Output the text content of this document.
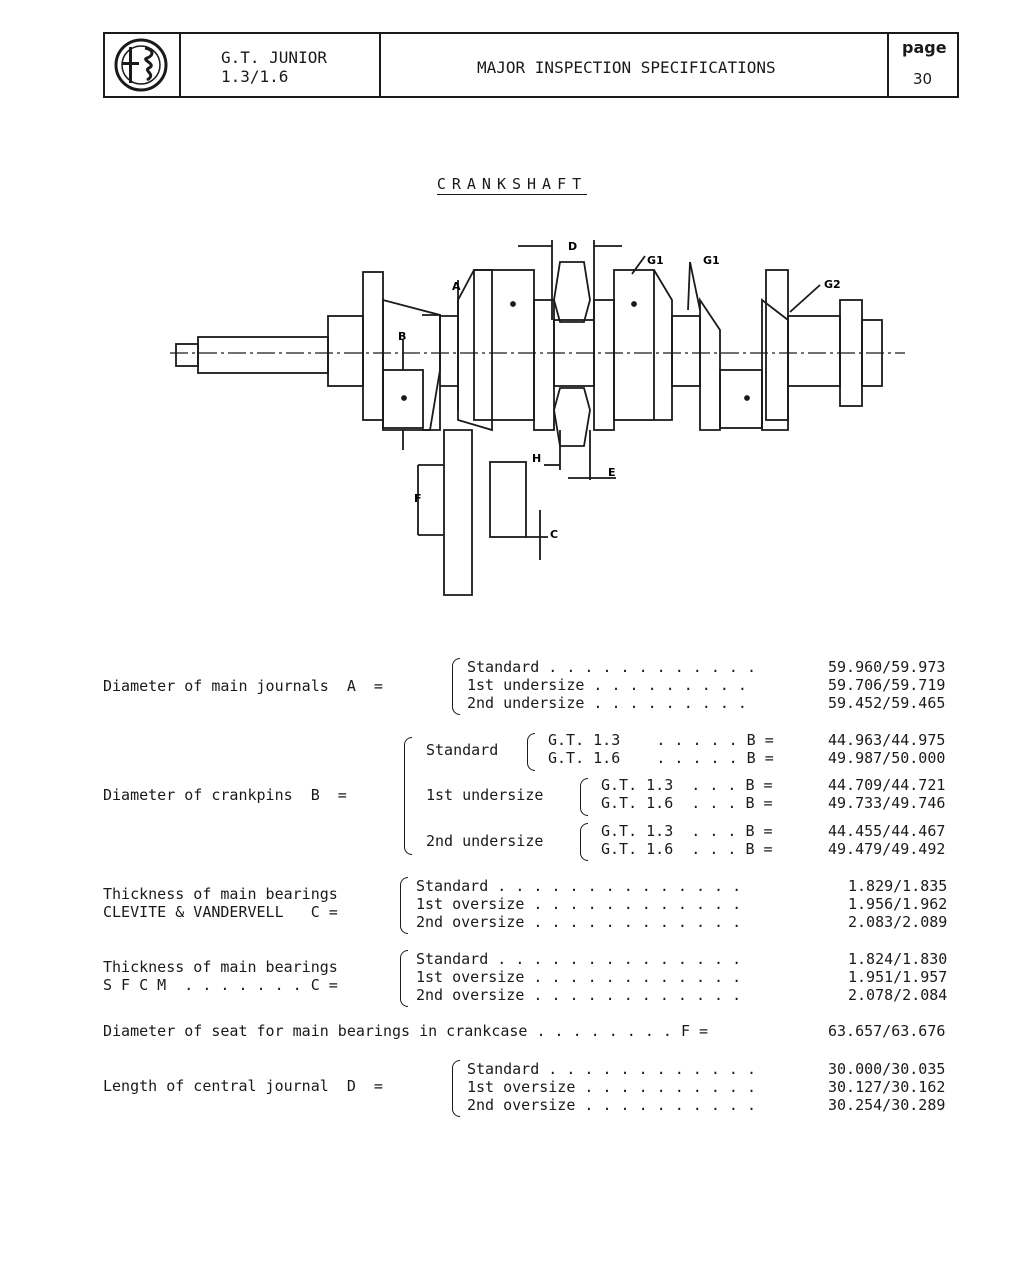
G.T. JUNIOR
1.3/1.6	MAJOR INSPECTION SPECIFICATIONS
page
30
CRANKSHAFT
A
B
D
G1	G1
G2
H
E
F
C
Diameter of main journals  A  =
Standard . . . . . . . . . . . .	59.960/59.973
1st undersize . . . . . . . . .	59.706/59.719
2nd undersize . . . . . . . . .	59.452/59.465
Diameter of crankpins  B  =
Standard
G.T. 1.3    . . . . . B =	44.963/44.975
G.T. 1.6    . . . . . B =	49.987/50.000
1st undersize
G.T. 1.3  . . . B =	44.709/44.721
G.T. 1.6  . . . B =	49.733/49.746
2nd undersize
G.T. 1.3  . . . B =	44.455/44.467
G.T. 1.6  . . . B =	49.479/49.492
Thickness of main bearings
CLEVITE & VANDERVELL   C =
Standard . . . . . . . . . . . . . .	1.829/1.835
1st oversize . . . . . . . . . . . .	1.956/1.962
2nd oversize . . . . . . . . . . . .	2.083/2.089
Thickness of main bearings
S F C M  . . . . . . . C =
Standard . . . . . . . . . . . . . .	1.824/1.830
1st oversize . . . . . . . . . . . .	1.951/1.957
2nd oversize . . . . . . . . . . . .	2.078/2.084
Diameter of seat for main bearings in crankcase . . . . . . . . F =	63.657/63.676
Length of central journal  D  =
Standard . . . . . . . . . . . .	30.000/30.035
1st oversize . . . . . . . . . .	30.127/30.162
2nd oversize . . . . . . . . . .	30.254/30.289
